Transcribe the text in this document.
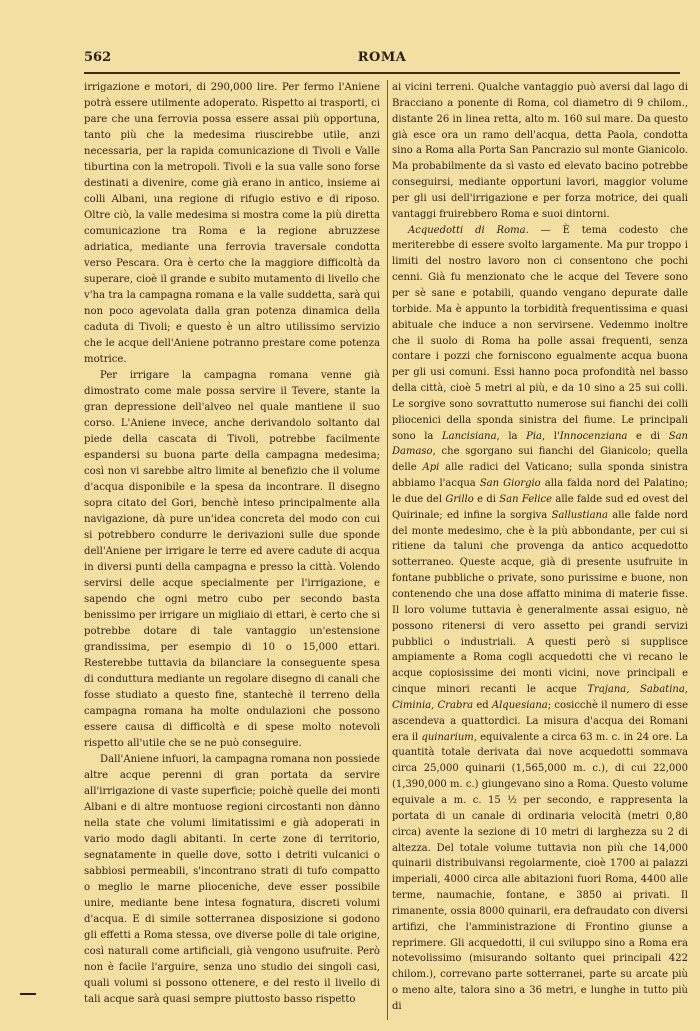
562	ROMA

irrigazione e motori, di 290,000 lire. Per fermo l'Aniene potrà essere utilmente adoperato. Rispetto ai trasporti, ci pare che una ferrovia possa essere assai più opportuna, tanto più che la medesima riuscirebbe utile, anzi necessaria, per la rapida comunicazione di Tivoli e Valle tiburtina con la metropoli. Tivoli e la sua valle sono forse destinati a divenire, come già erano in antico, insieme ai colli Albani, una regione di rifugio estivo e di riposo. Oltre ciò, la valle medesima si mostra come la più diretta comunicazione tra Roma e la regione abruzzese adriatica, mediante una ferrovia traversale condotta verso Pescara. Ora è certo che la maggiore difficoltà da superare, cioè il grande e subito mutamento di livello che v'ha tra la campagna romana e la valle suddetta, sarà qui non poco agevolata dalla gran potenza dinamica della caduta di Tivoli; e questo è un altro utilissimo servizio che le acque dell'Aniene potranno prestare come potenza motrice.

Per irrigare la campagna romana venne già dimostrato come male possa servire il Tevere, stante la gran depressione dell'alveo nel quale mantiene il suo corso. L'Aniene invece, anche derivandolo soltanto dal piede della cascata di Tivoli, potrebbe facilmente espandersi su buona parte della campagna medesima; così non vi sarebbe altro limite al benefizio che il volume d'acqua disponibile e la spesa da incontrare. Il disegno sopra citato del Gori, benchè inteso principalmente alla navigazione, dà pure un'idea concreta del modo con cui si potrebbero condurre le derivazioni sulle due sponde dell'Aniene per irrigare le terre ed avere cadute di acqua in diversi punti della campagna e presso la città. Volendo servirsi delle acque specialmente per l'irrigazione, e sapendo che ogni metro cubo per secondo basta benissimo per irrigare un migliaio di ettari, è certo che si potrebbe dotare di tale vantaggio un'estensione grandissima, per esempio di 10 o 15,000 ettari. Resterebbe tuttavia da bilanciare la conseguente spesa di conduttura mediante un regolare disegno di canali che fosse studiato a questo fine, stantechè il terreno della campagna romana ha molte ondulazioni che possono essere causa di difficoltà e di spese molto notevoli rispetto all'utile che se ne può conseguire.

Dall'Aniene infuori, la campagna romana non possiede altre acque perenni di gran portata da servire all'irrigazione di vaste superficie; poichè quelle dei monti Albani e di altre montuose regioni circostanti non dànno nella state che volumi limitatissimi e già adoperati in vario modo dagli abitanti. In certe zone di territorio, segnatamente in quelle dove, sotto i detriti vulcanici o sabbiosi permeabili, s'incontrano strati di tufo compatto o meglio le marne plioceniche, deve esser possibile unire, mediante bene intesa fognatura, discreti volumi d'acqua. E di simile sotterranea disposizione si godono gli effetti a Roma stessa, ove diverse polle di tale origine, così naturali come artificiali, già vengono usufruite. Però non è facile l'arguire, senza uno studio dei singoli casi, quali volumi si possono ottenere, e del resto il livello di tali acque sarà quasi sempre piuttosto basso rispetto

ai vicini terreni. Qualche vantaggio può aversi dal lago di Bracciano a ponente di Roma, col diametro di 9 chilom., distante 26 in linea retta, alto m. 160 sul mare. Da questo già esce ora un ramo dell'acqua, detta Paola, condotta sino a Roma alla Porta San Pancrazio sul monte Gianicolo. Ma probabilmente da sì vasto ed elevato bacino potrebbe conseguirsi, mediante opportuni lavori, maggior volume per gli usi dell'irrigazione e per forza motrice, dei quali vantaggi fruirebbero Roma e suoi dintorni.

Acquedotti di Roma. — È tema codesto che meriterebbe di essere svolto largamente. Ma pur troppo i limiti del nostro lavoro non ci consentono che pochi cenni. Già fu menzionato che le acque del Tevere sono per sè sane e potabili, quando vengano depurate dalle torbide. Ma è appunto la torbidità frequentissima e quasi abituale che induce a non servirsene. Vedemmo inoltre che il suolo di Roma ha polle assai frequenti, senza contare i pozzi che forniscono egualmente acqua buona per gli usi comuni. Essi hanno poca profondità nel basso della città, cioè 5 metri al più, e da 10 sino a 25 sui colli. Le sorgive sono sovrattutto numerose sui fianchi dei colli pliocenici della sponda sinistra del fiume. Le principali sono la Lancisiana, la Pia, l'Innocenziana e di San Damaso, che sgorgano sui fianchi del Gianicolo; quella delle Api alle radici del Vaticano; sulla sponda sinistra abbiamo l'acqua San Giorgio alla falda nord del Palatino; le due del Grillo e di San Felice alle falde sud ed ovest del Quirinale; ed infine la sorgiva Sallustiana alle falde nord del monte medesimo, che è la più abbondante, per cui si ritiene da taluni che provenga da antico acquedotto sotterraneo. Queste acque, già di presente usufruite in fontane pubbliche o private, sono purissime e buone, non contenendo che una dose affatto minima di materie fisse. Il loro volume tuttavia è generalmente assai esiguo, nè possono ritenersi di vero assetto pei grandi servizi pubblici o industriali. A questi però si supplisce ampiamente a Roma cogli acquedotti che vi recano le acque copiosissime dei monti vicini, nove principali e cinque minori recanti le acque Trajana, Sabatina, Ciminia, Crabra ed Alquesiana; cosicchè il numero di esse ascendeva a quattordici. La misura d'acqua dei Romani era il quinarium, equivalente a circa 63 m. c. in 24 ore. La quantità totale derivata dai nove acquedotti sommava circa 25,000 quinarii (1,565,000 m. c.), di cui 22,000 (1,390,000 m. c.) giungevano sino a Roma. Questo volume equivale a m. c. 15 ½ per secondo, e rappresenta la portata di un canale di ordinaria velocità (metri 0,80 circa) avente la sezione di 10 metri di larghezza su 2 di altezza. Del totale volume tuttavia non più che 14,000 quinarii distribuivansi regolarmente, cioè 1700 ai palazzi imperiali, 4000 circa alle abitazioni fuori Roma, 4400 alle terme, naumachie, fontane, e 3850 ai privati. Il rimanente, ossia 8000 quinarii, era defraudato con diversi artifizi, che l'amministrazione di Frontino giunse a reprimere. Gli acquedotti, il cui sviluppo sino a Roma era notevolissimo (misurando soltanto quei principali 422 chilom.), correvano parte sotterranei, parte su arcate più o meno alte, talora sino a 36 metri, e lunghe in tutto più di
